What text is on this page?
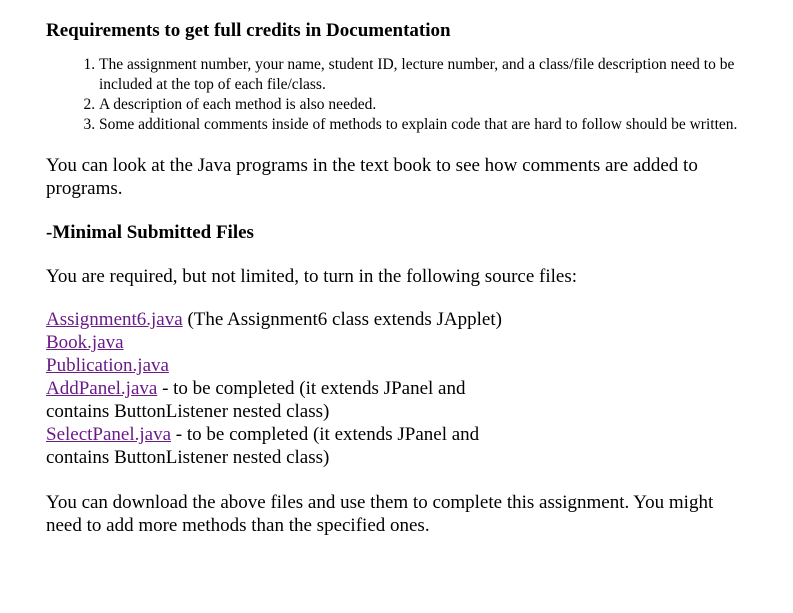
Requirements to get full credits in Documentation
1. The assignment number, your name, student ID, lecture number, and a class/file description need to be included at the top of each file/class.
2. A description of each method is also needed.
3. Some additional comments inside of methods to explain code that are hard to follow should be written.

You can look at the Java programs in the text book to see how comments are added to programs.

-Minimal Submitted Files

You are required, but not limited, to turn in the following source files:

Assignment6.java (The Assignment6 class extends JApplet)
Book.java
Publication.java
AddPanel.java - to be completed (it extends JPanel and contains ButtonListener nested class)
SelectPanel.java - to be completed (it extends JPanel and contains ButtonListener nested class)

You can download the above files and use them to complete this assignment. You might need to add more methods than the specified ones.
